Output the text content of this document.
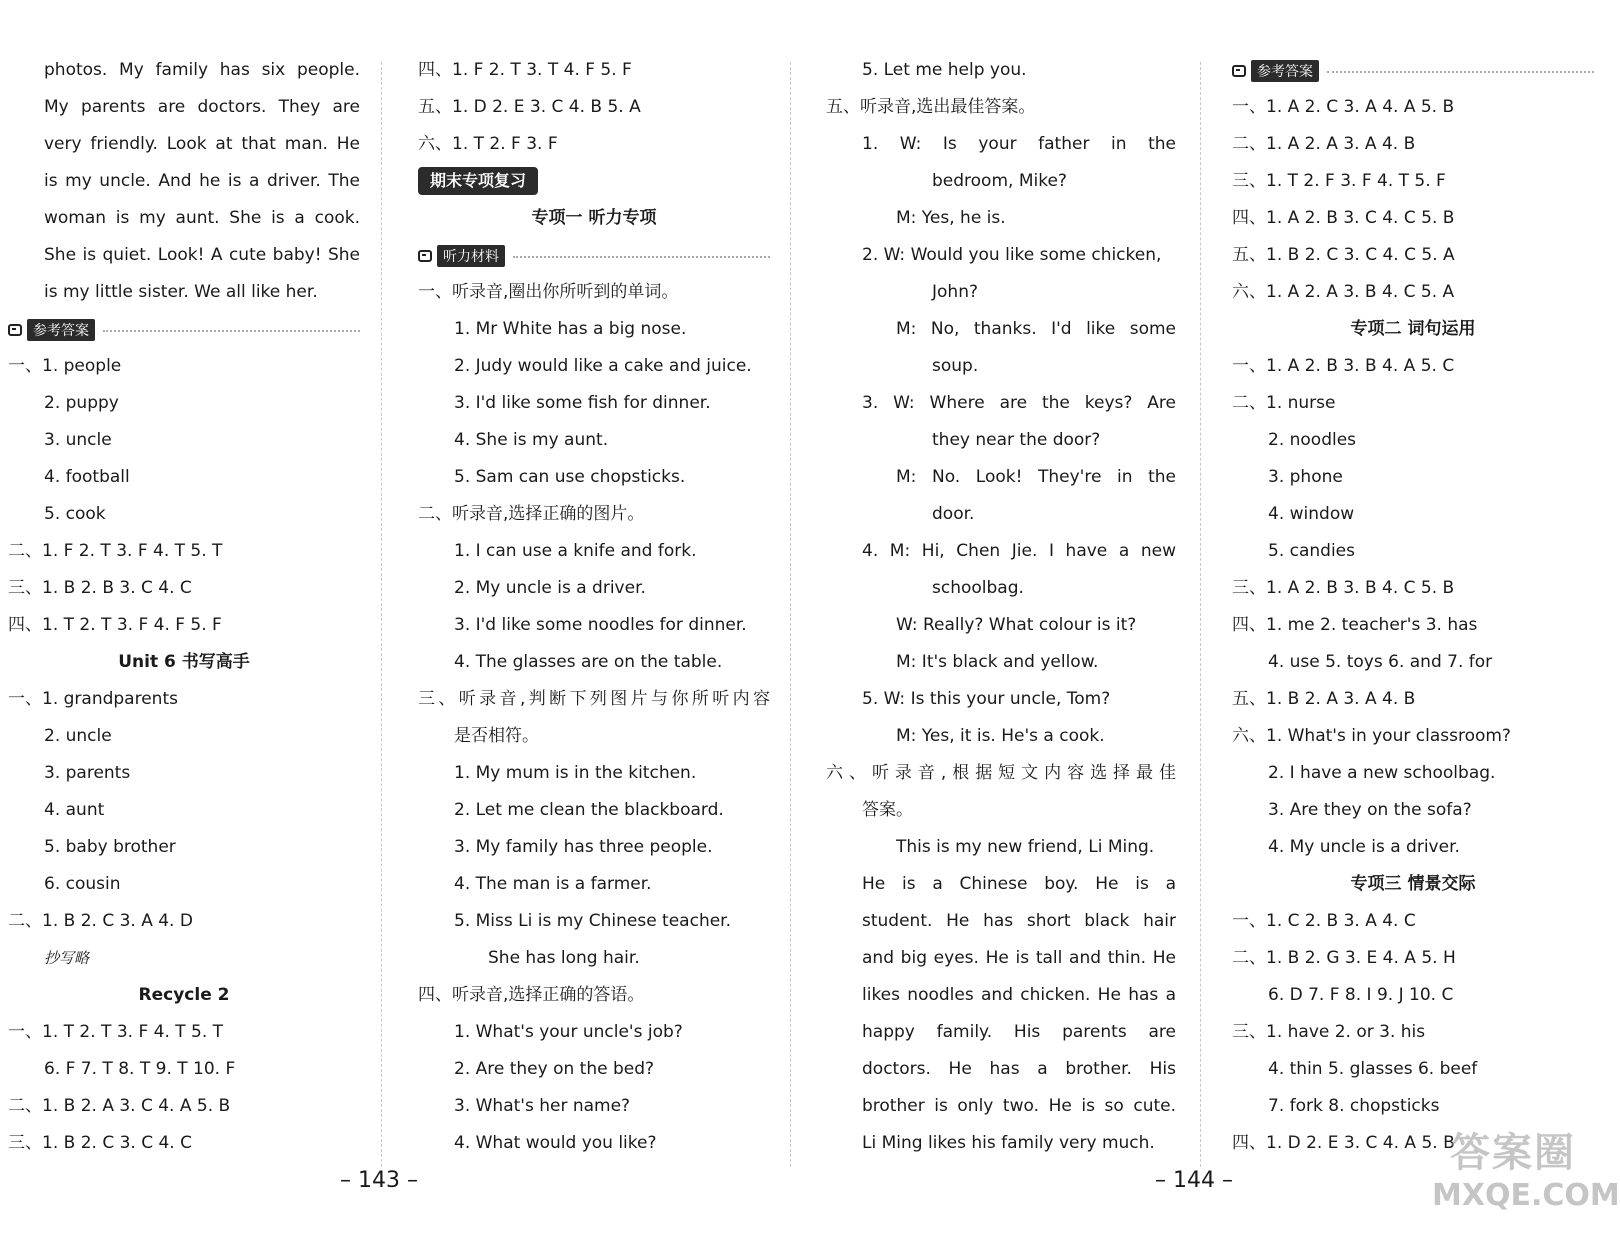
photos. My family has six people.
My parents are doctors. They are
very friendly. Look at that man. He
is my uncle. And he is a driver. The
woman is my aunt. She is a cook.
She is quiet. Look! A cute baby! She
is my little sister. We all like her.
参考答案
一、1. people
2. puppy
3. uncle
4. football
5. cook
二、1. F 2. T 3. F 4. T 5. T
三、1. B 2. B 3. C 4. C
四、1. T 2. T 3. F 4. F 5. F
Unit 6 书写高手
一、1. grandparents
2. uncle
3. parents
4. aunt
5. baby brother
6. cousin
二、1. B 2. C 3. A 4. D
抄写略
Recycle 2
一、1. T 2. T 3. F 4. T 5. T
6. F 7. T 8. T 9. T 10. F
二、1. B 2. A 3. C 4. A 5. B
三、1. B 2. C 3. C 4. C
四、1. F 2. T 3. T 4. F 5. F
五、1. D 2. E 3. C 4. B 5. A
六、1. T 2. F 3. F
期末专项复习
专项一 听力专项
听力材料
一、听录音,圈出你所听到的单词。
1. Mr White has a big nose.
2. Judy would like a cake and juice.
3. I'd like some fish for dinner.
4. She is my aunt.
5. Sam can use chopsticks.
二、听录音,选择正确的图片。
1. I can use a knife and fork.
2. My uncle is a driver.
3. I'd like some noodles for dinner.
4. The glasses are on the table.
三、听录音,判断下列图片与你所听内容
是否相符。
1. My mum is in the kitchen.
2. Let me clean the blackboard.
3. My family has three people.
4. The man is a farmer.
5. Miss Li is my Chinese teacher.
She has long hair.
四、听录音,选择正确的答语。
1. What's your uncle's job?
2. Are they on the bed?
3. What's her name?
4. What would you like?
5. Let me help you.
五、听录音,选出最佳答案。
1. W: Is your father in the
bedroom, Mike?
M: Yes, he is.
2. W: Would you like some chicken,
John?
M: No, thanks. I'd like some
soup.
3. W: Where are the keys? Are
they near the door?
M: No. Look! They're in the
door.
4. M: Hi, Chen Jie. I have a new
schoolbag.
W: Really? What colour is it?
M: It's black and yellow.
5. W: Is this your uncle, Tom?
M: Yes, it is. He's a cook.
六、听录音,根据短文内容选择最佳
答案。
This is my new friend, Li Ming.
He is a Chinese boy. He is a
student. He has short black hair
and big eyes. He is tall and thin. He
likes noodles and chicken. He has a
happy family. His parents are
doctors. He has a brother. His
brother is only two. He is so cute.
Li Ming likes his family very much.
参考答案
一、1. A 2. C 3. A 4. A 5. B
二、1. A 2. A 3. A 4. B
三、1. T 2. F 3. F 4. T 5. F
四、1. A 2. B 3. C 4. C 5. B
五、1. B 2. C 3. C 4. C 5. A
六、1. A 2. A 3. B 4. C 5. A
专项二 词句运用
一、1. A 2. B 3. B 4. A 5. C
二、1. nurse
2. noodles
3. phone
4. window
5. candies
三、1. A 2. B 3. B 4. C 5. B
四、1. me 2. teacher's 3. has
4. use 5. toys 6. and 7. for
五、1. B 2. A 3. A 4. B
六、1. What's in your classroom?
2. I have a new schoolbag.
3. Are they on the sofa?
4. My uncle is a driver.
专项三 情景交际
一、1. C 2. B 3. A 4. C
二、1. B 2. G 3. E 4. A 5. H
6. D 7. F 8. I 9. J 10. C
三、1. have 2. or 3. his
4. thin 5. glasses 6. beef
7. fork 8. chopsticks
四、1. D 2. E 3. C 4. A 5. B
– 143 –	– 144 –
答案圈
MXQE.COM
